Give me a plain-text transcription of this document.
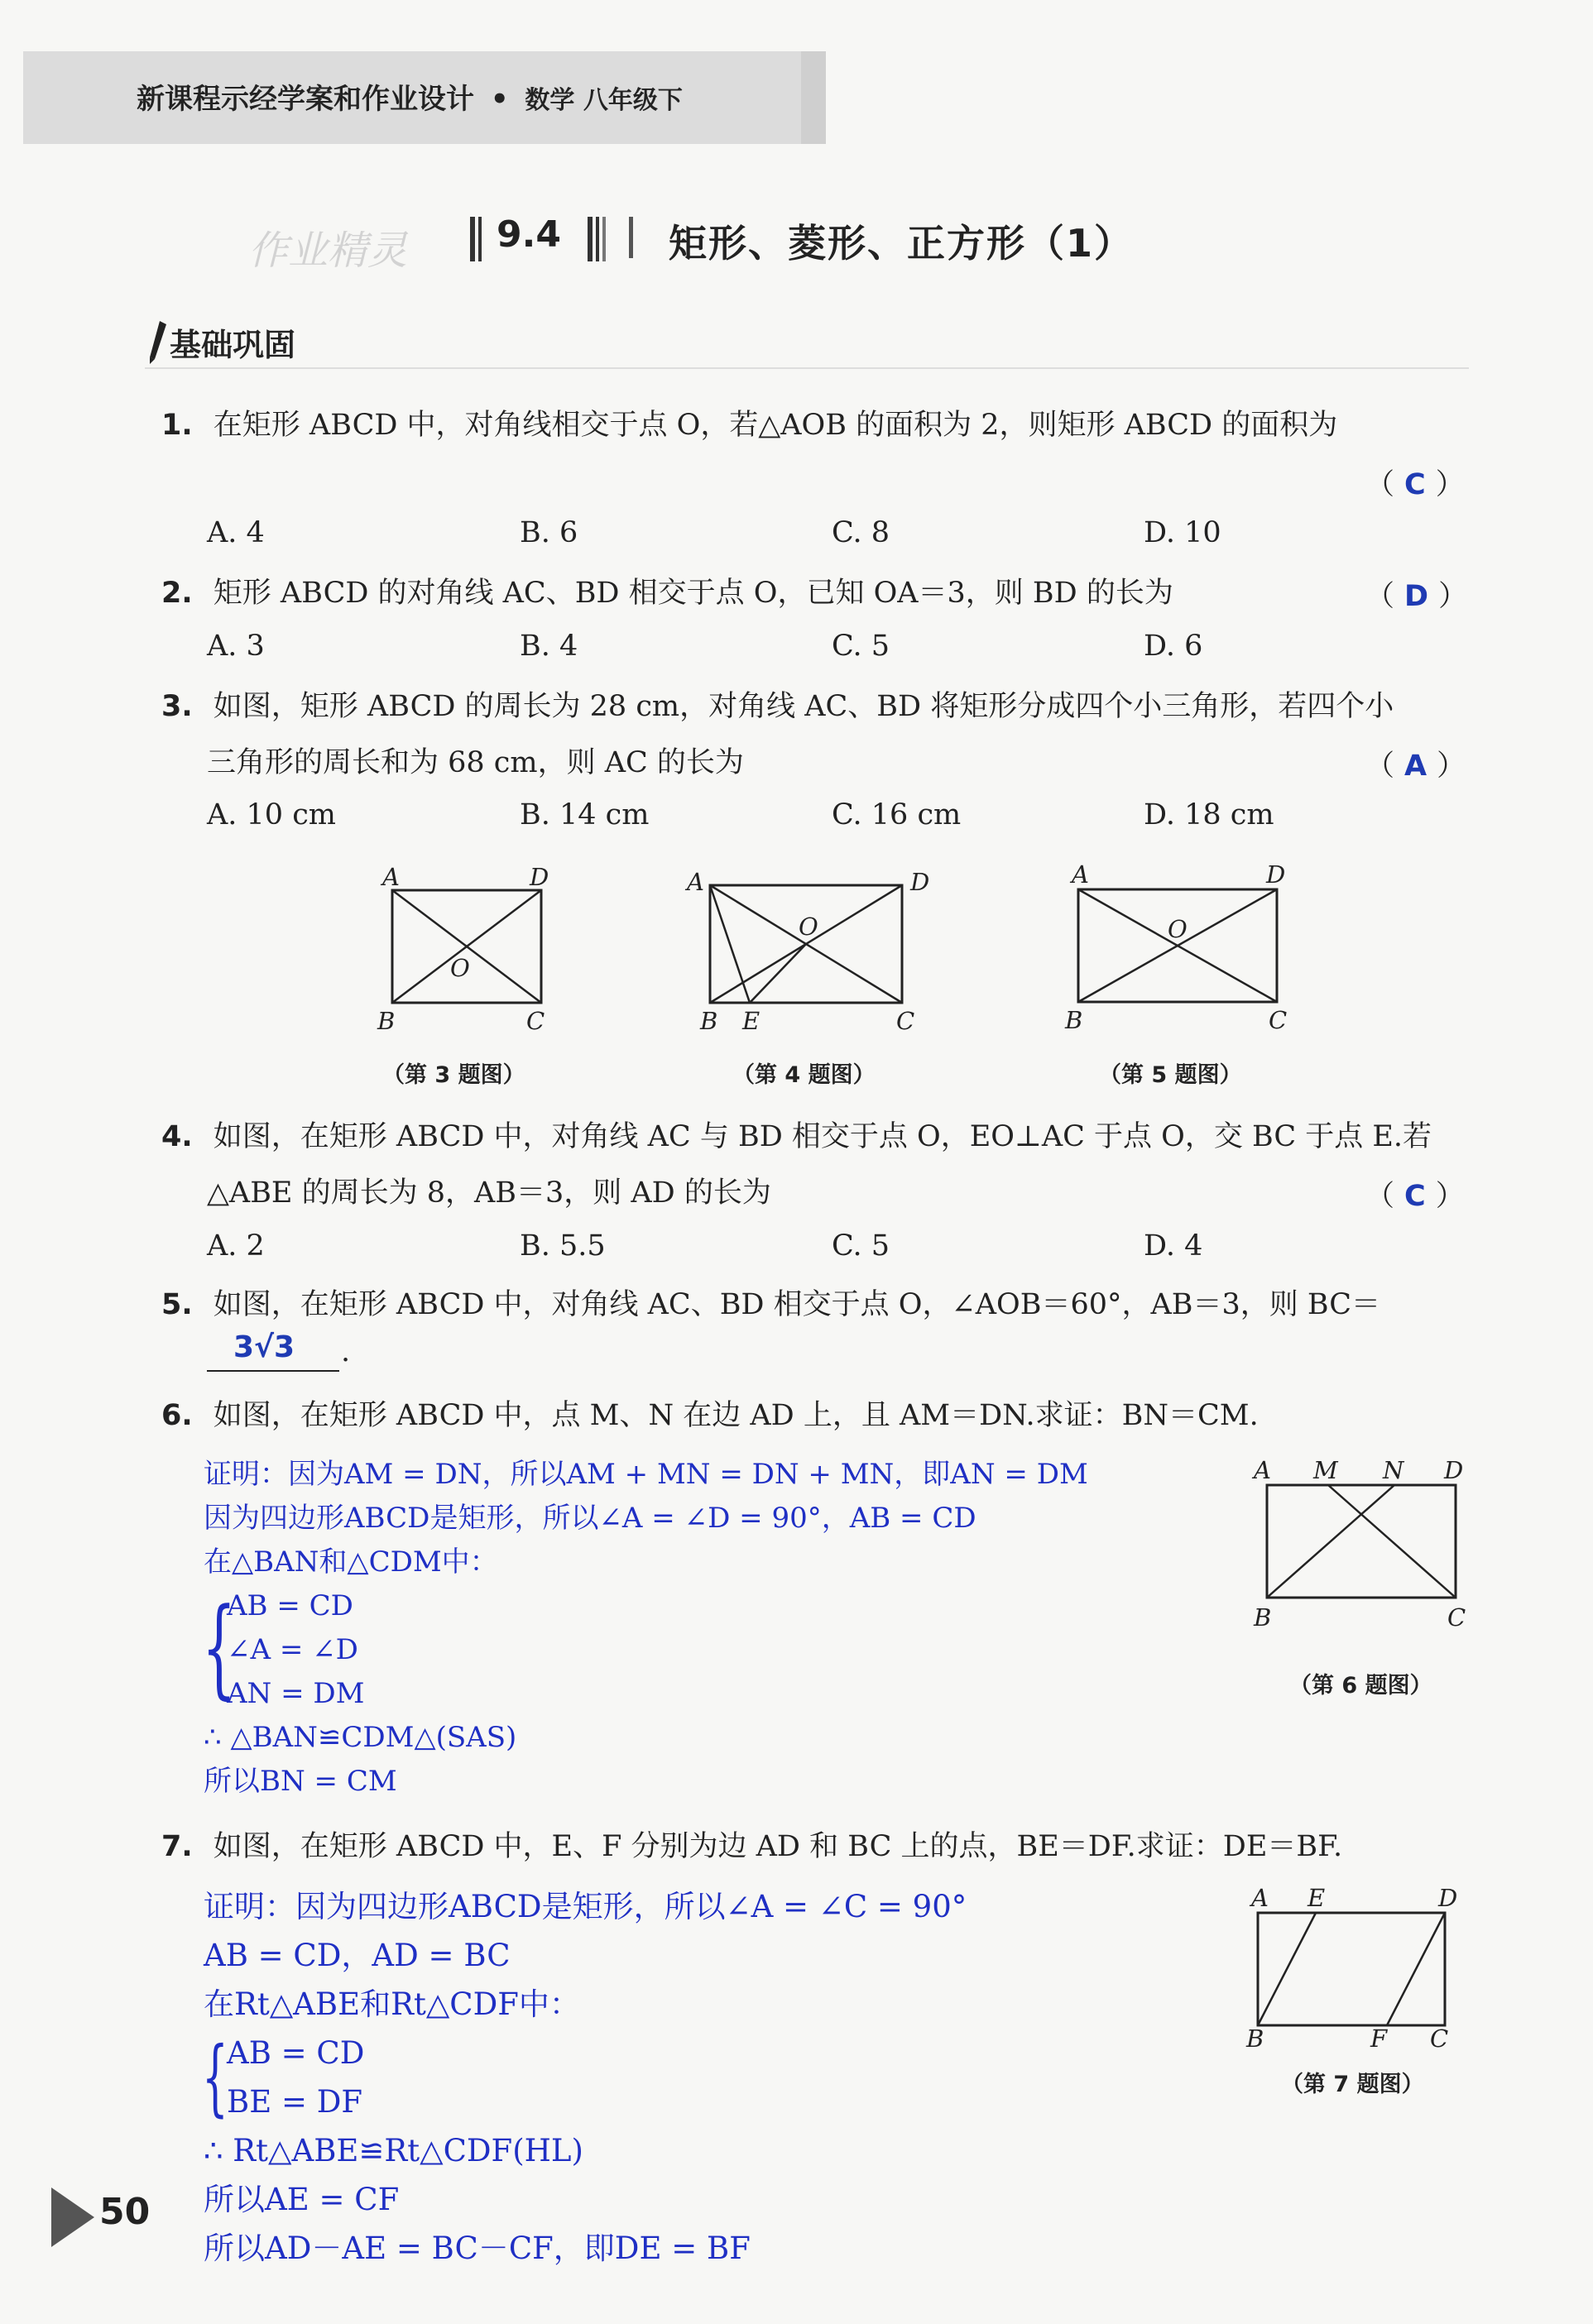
新课程示经学案和作业设计 • 数学 八年级下
作业精灵 9.4	矩形、菱形、正方形（1）
基础巩固
1. 在矩形 ABCD 中，对角线相交于点 O，若△AOB 的面积为 2，则矩形 ABCD 的面积为
（ C ）
A. 4	B. 6	C. 8	D. 10
2. 矩形 ABCD 的对角线 AC、BD 相交于点 O，已知 OA＝3，则 BD 的长为	（ D ）
A. 3	B. 4	C. 5	D. 6
3. 如图，矩形 ABCD 的周长为 28 cm，对角线 AC、BD 将矩形分成四个小三角形，若四个小
三角形的周长和为 68 cm，则 AC 的长为	（ A ）
A. 10 cm	B. 14 cm	C. 16 cm	D. 18 cm
A	D
O
B	C
（第 3 题图）
A	D
O
B E	C
（第 4 题图）
A	D
O
B	C
（第 5 题图）
4. 如图，在矩形 ABCD 中，对角线 AC 与 BD 相交于点 O，EO⊥AC 于点 O，交 BC 于点 E.若
△ABE 的周长为 8，AB＝3，则 AD 的长为	（ C ）
A. 2	B. 5.5	C. 5	D. 4
5. 如图，在矩形 ABCD 中，对角线 AC、BD 相交于点 O，∠AOB＝60°，AB＝3，则 BC＝
3√3 .
6. 如图，在矩形 ABCD 中，点 M、N 在边 AD 上，且 AM＝DN.求证：BN＝CM.
证明：因为AM = DN，所以AM + MN = DN + MN，即AN = DM
因为四边形ABCD是矩形，所以∠A = ∠D = 90°，AB = CD
在△BAN和△CDM中：
{
AB = CD
∠A = ∠D
AN = DM
∴ △BAN≌CDM△(SAS)
所以BN = CM
A M N D
B	C
（第 6 题图）
7. 如图，在矩形 ABCD 中，E、F 分别为边 AD 和 BC 上的点，BE＝DF.求证：DE＝BF.
证明：因为四边形ABCD是矩形，所以∠A = ∠C = 90°
AB = CD，AD = BC
在Rt△ABE和Rt△CDF中：
{
AB = CD
BE = DF
∴ Rt△ABE≌Rt△CDF(HL)
所以AE = CF
所以AD－AE = BC－CF，即DE = BF
A E	D
B	F C
（第 7 题图）
50
